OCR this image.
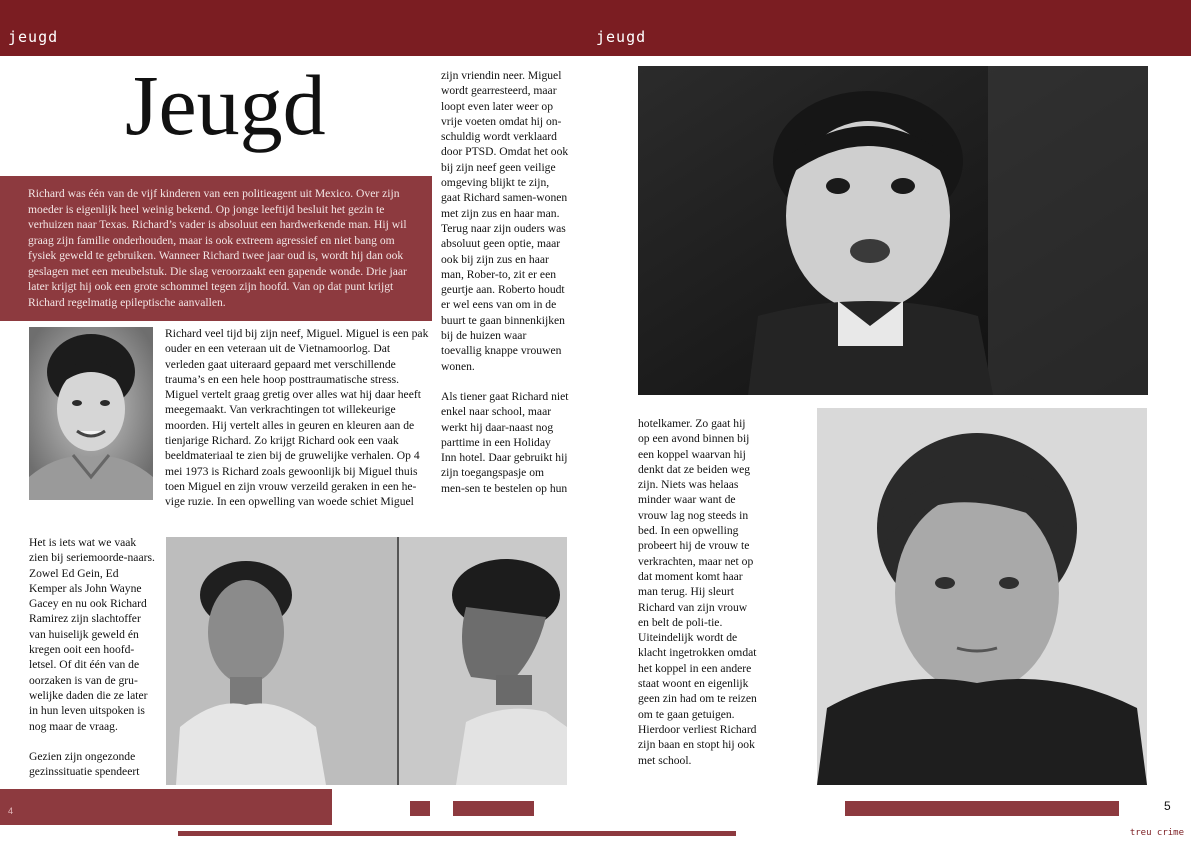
jeugd	jeugd
Jeugd
Richard was één van de vijf kinderen van een politieagent uit Mexico. Over zijn moeder is eigenlijk heel weinig bekend. Op jonge leeftijd besluit het gezin te verhuizen naar Texas. Richard’s vader is absoluut een hardwerkende man. Hij wil graag zijn familie onderhouden, maar is ook extreem agressief en niet bang om fysiek geweld te gebruiken. Wanneer Richard twee jaar oud is, wordt hij dan ook geslagen met een meubelstuk. Die slag veroorzaakt een gapende wonde. Drie jaar later krijgt hij ook een grote schommel tegen zijn hoofd. Van op dat punt krijgt Richard regelmatig epileptische aanvallen.
Richard veel tijd bij zijn neef, Miguel. Miguel is een pak ouder en een veteraan uit de Vietnamoorlog. Dat verleden gaat uiteraard gepaard met verschillende trauma’s en een hele hoop posttraumatische stress. Miguel vertelt graag gretig over alles wat hij daar heeft meegemaakt. Van verkrachtingen tot willekeurige moorden. Hij vertelt alles in geuren en kleuren aan de tienjarige Richard. Zo krijgt Richard ook een vaak beeldmateriaal te zien bij de gruwelijke verhalen. Op 4 mei 1973 is Richard zoals gewoonlijk bij Miguel thuis toen Miguel en zijn vrouw verzeild geraken in een he-vige ruzie. In een opwelling van woede schiet Miguel

zijn vriendin neer. Miguel wordt gearresteerd, maar loopt even later weer op vrije voeten omdat hij on-schuldig wordt verklaard door PTSD. Omdat het ook bij zijn neef geen veilige omgeving blijkt te zijn, gaat Richard samen-wonen met zijn zus en haar man. Terug naar zijn ouders was absoluut geen optie, maar ook bij zijn zus en haar man, Rober-to, zit er een geurtje aan. Roberto houdt er wel eens van om in de buurt te gaan binnenkijken bij de huizen waar toevallig knappe vrouwen wonen.

Als tiener gaat Richard niet enkel naar school, maar werkt hij daar-naast nog parttime in een Holiday Inn hotel. Daar gebruikt hij zijn toegangspasje om men-sen te bestelen op hun

Het is iets wat we vaak zien bij seriemoorde-naars. Zowel Ed Gein, Ed Kemper als John Wayne Gacey en nu ook Richard Ramirez zijn slachtoffer van huiselijk geweld én kregen ooit een hoofd-letsel. Of dit één van de oorzaken is van de gru-welijke daden die ze later in hun leven uitspoken is nog maar de vraag.

Gezien zijn ongezonde gezinssituatie spendeert

4
hotelkamer. Zo gaat hij op een avond binnen bij een koppel waarvan hij denkt dat ze beiden weg zijn. Niets was helaas minder waar want de vrouw lag nog steeds in bed. In een opwelling probeert hij de vrouw te verkrachten, maar net op dat moment komt haar man terug. Hij sleurt Richard van zijn vrouw en belt de poli-tie. Uiteindelijk wordt de klacht ingetrokken omdat het koppel in een andere staat woont en eigenlijk geen zin had om te reizen om te gaan getuigen. Hierdoor verliest Richard zijn baan en stopt hij ook met school.
5
treu crime
